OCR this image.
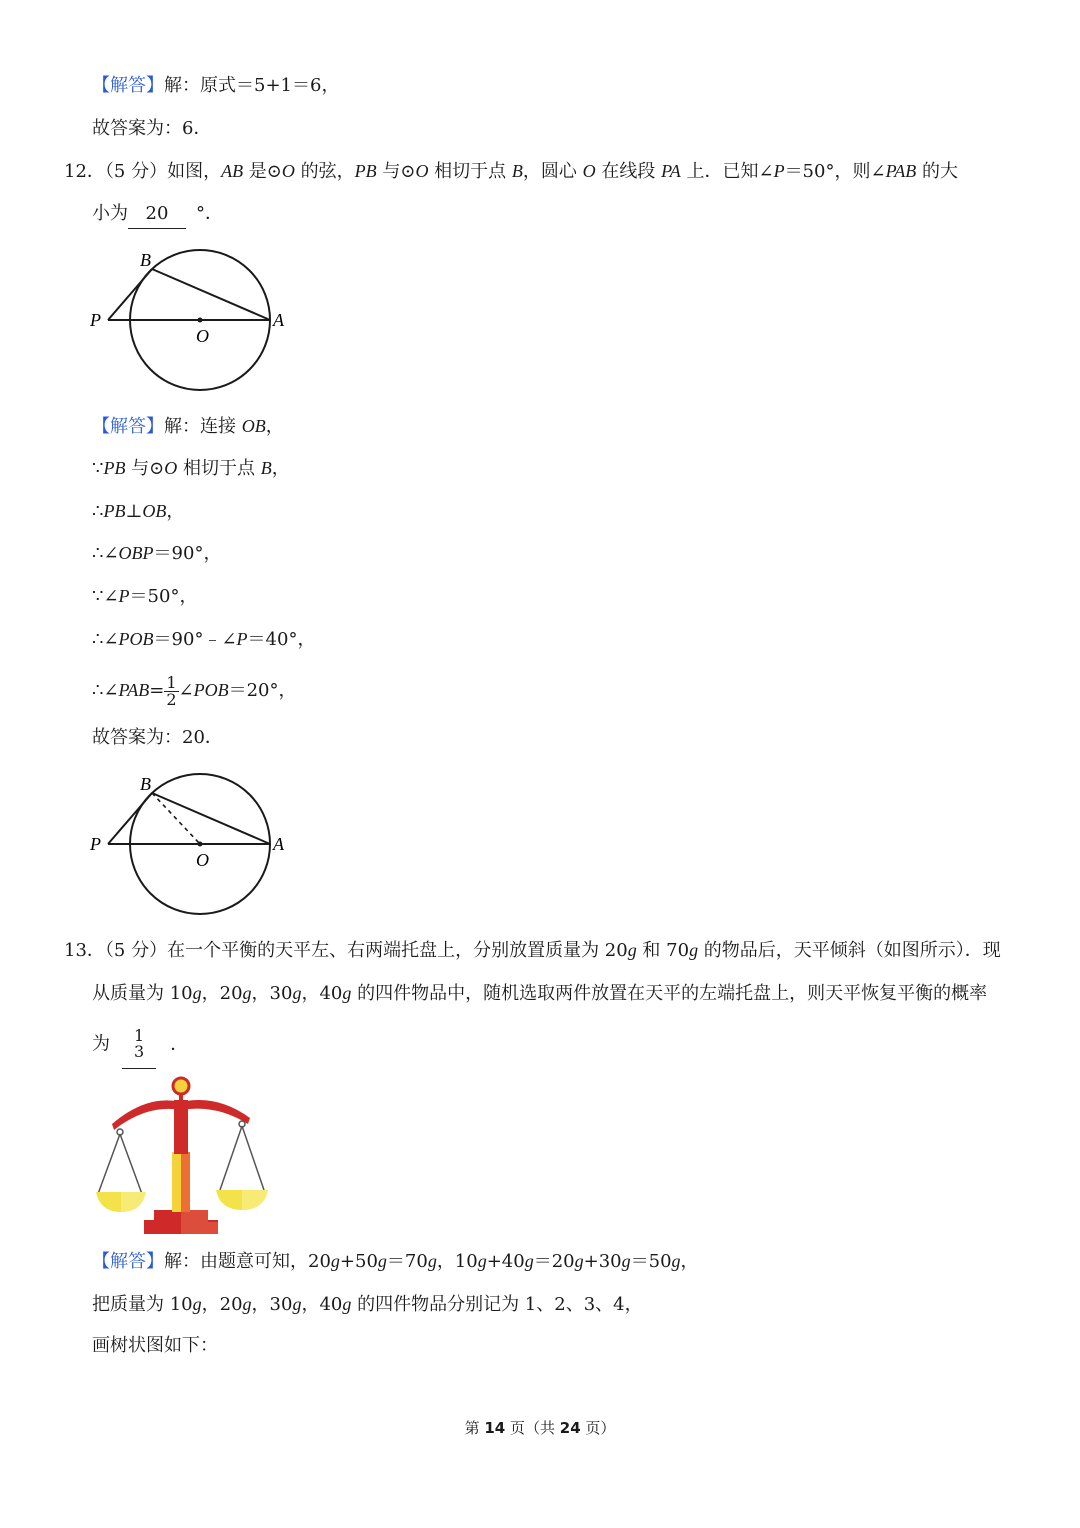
【解答】解：原式＝5+1＝6，
故答案为：6．
12．（5 分）如图，AB 是⊙O 的弦，PB 与⊙O 相切于点 B，圆心 O 在线段 PA 上．已知∠P＝50°，则∠PAB 的大
小为 20 °．
B
P
O
A
【解答】解：连接 OB，
∵PB 与⊙O 相切于点 B，
∴PB⊥OB，
∴∠OBP＝90°，
∵∠P＝50°，
∴∠POB＝90°﹣∠P＝40°，
∴∠PAB= $\frac{1}{2}$ ∠POB＝20°，
故答案为：20．
B
P
O
A
13．（5 分）在一个平衡的天平左、右两端托盘上，分别放置质量为 20g 和 70g 的物品后，天平倾斜（如图所示）．现
从质量为 10g，20g，30g，40g 的四件物品中，随机选取两件放置在天平的左端托盘上，则天平恢复平衡的概率
为 1
3 ．
【解答】解：由题意可知，20g+50g＝70g，10g+40g＝20g+30g＝50g，
把质量为 10g，20g，30g，40g 的四件物品分别记为 1、2、3、4，
画树状图如下：
第 14 页（共 24 页）
